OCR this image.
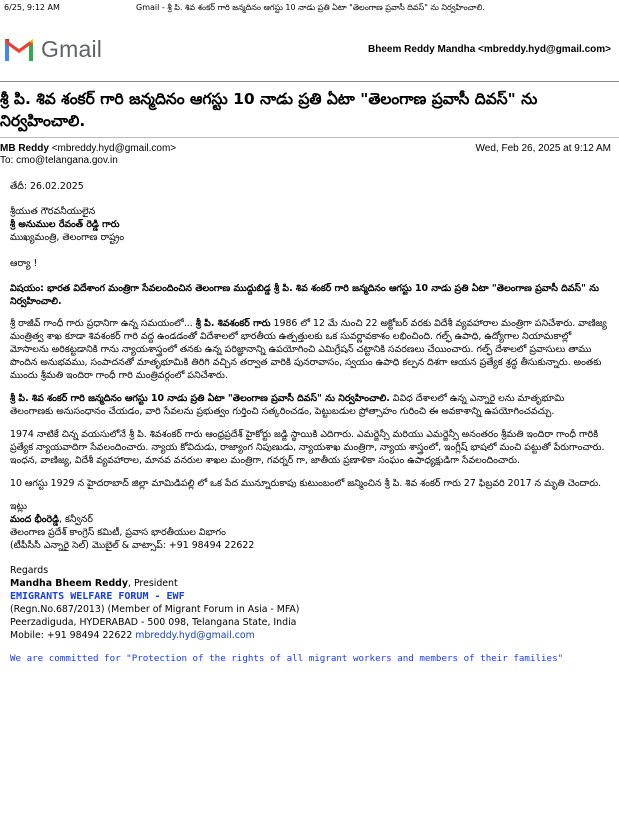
6/25, 9:12 AM	Gmail - శ్రీ పి. శివ శంకర్ గారి జన్మదినం ఆగస్టు 10 నాడు ప్రతి ఏటా "తెలంగాణ ప్రవాసీ దివస్" ను నిర్వహించాలి.
Gmail	Bheem Reddy Mandha <mbreddy.hyd@gmail.com>
శ్రీ పి. శివ శంకర్ గారి జన్మదినం ఆగస్టు 10 నాడు ప్రతి ఏటా "తెలంగాణ ప్రవాసీ దివస్" ను నిర్వహించాలి.
MB Reddy <mbreddy.hyd@gmail.com>	Wed, Feb 26, 2025 at 9:12 AM
To: cmo@telangana.gov.in

తేదీ: 26.02.2025

శ్రీయుత గౌరవనీయులైన

శ్రీ అనుముల రేవంత్ రెడ్డి గారు

ముఖ్యమంత్రి, తెలంగాణ రాష్ట్రం

ఆర్యా !

విషయం: భారత విదేశాంగ మంత్రిగా సేవలందించిన తెలంగాణ ముద్దుబిడ్డ శ్రీ పి. శివ శంకర్ గారి జన్మదినం ఆగస్టు 10 నాడు ప్రతి ఏటా "తెలంగాణ ప్రవాసీ దివస్" ను నిర్వహించాలి.

శ్రీ రాజీవ్ గాంధీ గారు ప్రధానిగా ఉన్న సమయంలో... శ్రీ పి. శివశంకర్ గారు 1986 లో 12 మే నుంచి 22 అక్టోబర్ వరకు విదేశీ వ్యవహారాల మంత్రిగా పనిచేశారు. వాణిజ్య మంత్రిత్వ శాఖ కూడా శివశంకర్ గారి వద్ద ఉండడంతో విదేశాలలో భారతీయ ఉత్పత్తులకు ఒక సువర్ణావకాశం లభించింది. గల్ఫ్ ఉపాధి, ఉద్యోగాల నియామకాల్లో మోసాలను అరికట్టడానికి గాను న్యాయశాస్త్రంలో తనకు ఉన్న పరిజ్ఞానాన్ని ఉపయోగించి ఎమిగ్రేషన్ చట్టానికి సవరణలు చేయించారు. గల్ఫ్ దేశాలలో ప్రవాసులు తాము పొందిన అనుభవము, సంపాదనతో మాతృభూమికి తిరిగి వచ్చిన తర్వాత వారికి పునరావాసం, స్వయం ఉపాధి కల్పన దిశగా ఆయన ప్రత్యేక శ్రద్ధ తీసుకున్నారు. అంతకు ముందు శ్రీమతి ఇందిరా గాంధీ గారి మంత్రివర్గంలో పనిచేశారు.

శ్రీ పి. శివ శంకర్ గారి జన్మదినం ఆగస్టు 10 నాడు ప్రతి ఏటా "తెలంగాణ ప్రవాసీ దివస్" ను నిర్వహించాలి. వివిధ దేశాలలో ఉన్న ఎన్నారై లను మాతృభూమి తెలంగాణకు అనుసంధానం చేయడం, వారి సేవలను ప్రభుత్వం గుర్తించి సత్కరించడం, పెట్టుబడుల ప్రోత్సాహం గురించి ఈ అవకాశాన్ని ఉపయోగించవచ్చు.

1974 నాటికే చిన్న వయసులోనే శ్రీ పి. శివశంకర్ గారు ఆంధ్రప్రదేశ్ హైకోర్టు జడ్జి స్థాయికి ఎదిగారు. ఎమర్జెన్సీ మరియు ఎమర్జెన్సీ అనంతరం శ్రీమతి ఇందిరా గాంధీ గారికి ప్రత్యేక న్యాయవాదిగా సేవలందించారు. న్యాయ కోవిదుడు, రాజ్యాంగ నిపుణుడు, న్యాయశాఖ మంత్రిగా, న్యాయ శాస్త్రంలో, ఇంగ్లీష్ భాషలో మంచి పట్టుతో పేరుగాంచారు. ఇంధన, వాణిజ్య, విదేశీ వ్యవహారాల, మానవ వనరుల శాఖల మంత్రిగా, గవర్నర్ గా, జాతీయ ప్రణాళికా సంఘం ఉపాధ్యక్షుడిగా సేవలందించారు.

10 ఆగస్టు 1929 న హైదరాబాద్ జిల్లా మామిడిపల్లి లో ఒక పేద మున్నూరుకాపు కుటుంబంలో జన్మించిన శ్రీ పి. శివ శంకర్ గారు 27 ఫిబ్రవరి 2017 న మృతి చెందారు.

ఇట్లు

మంద భీంరెడ్డి, కన్వీనర్

తెలంగాణ ప్రదేశ్ కాంగ్రెస్ కమిటీ, ప్రవాస భారతీయుల విభాగం

(టీపీసీసీ ఎన్నారై సెల్) మొబైల్ & వాట్సాప్: +91 98494 22622

Regards

Mandha Bheem Reddy, President

EMIGRANTS WELFARE FORUM - EWF

(Regn.No.687/2013) (Member of Migrant Forum in Asia - MFA)

Peerzadiguda, HYDERABAD - 500 098, Telangana State, India

Mobile: +91 98494 22622 mbreddy.hyd@gmail.com

We are committed for "Protection of the rights of all migrant workers and members of their families"
